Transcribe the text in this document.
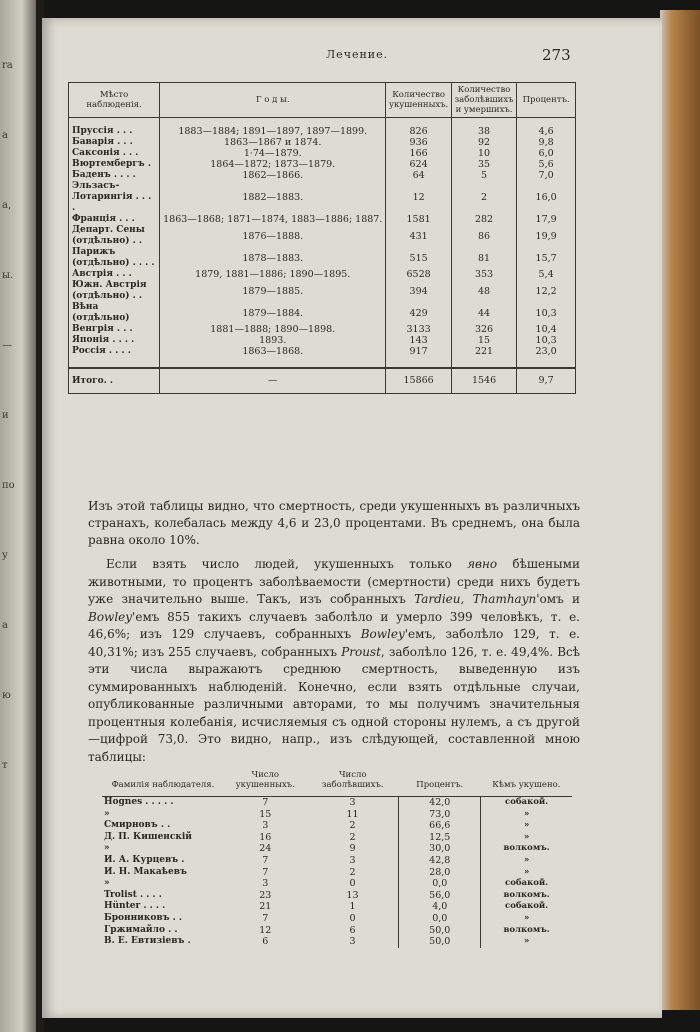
ra
a
а,
ы.
—
и
по
у
а
ю
т
Лечение.	273
Мѣсто наблюденія.	Г о д ы.	Количество укушенныхъ.	Количество заболѣвшихъ и умершихъ.	Процентъ.
Пруссія . . .	1883—1884; 1891—1897, 1897—1899.	826	38	4,6
Баварія . . .	1863—1867 и 1874.	936	92	9,8
Саксонія . . .	1·74—1879.	166	10	6,0
Вюртембергъ .	1864—1872; 1873—1879.	624	35	5,6
Баденъ . . . .	1862—1866.	64	5	7,0
Эльзасъ-Лотарингія . . . .	1882—1883.	12	2	16,0
Франція . . .	1863—1868; 1871—1874, 1883—1886; 1887.	1581	282	17,9
Департ. Сены (отдѣльно) . .	1876—1888.	431	86	19,9
Парижъ (отдѣльно) . . . .	1878—1883.	515	81	15,7
Австрія . . .	1879, 1881—1886; 1890—1895.	6528	353	5,4
Южн. Австрія (отдѣльно) . .	1879—1885.	394	48	12,2
Вѣна (отдѣльно)	1879—1884.	429	44	10,3
Венгрія . . .	1881—1888; 1890—1898.	3133	326	10,4
Японія . . . .	1893.	143	15	10,3
Россія . . . .	1863—1868.	917	221	23,0
Итого. .	—	15866	1546	9,7
Изъ этой таблицы видно, что смертность, среди укушенныхъ въ различныхъ странахъ, колебалась между 4,6 и 23,0 процентами. Въ среднемъ, она была равна около 10%.
Если взять число людей, укушенныхъ только явно бѣшеными животными, то процентъ заболѣваемости (смертности) среди нихъ будетъ уже значительно выше. Такъ, изъ собранныхъ Tardieu, Thamhayn'омъ и Bowley'емъ 855 такихъ случаевъ заболѣло и умерло 399 человѣкъ, т. е. 46,6%; изъ 129 случаевъ, собранныхъ Bowley'емъ, заболѣло 129, т. е. 40,31%; изъ 255 случаевъ, собранныхъ Proust, заболѣло 126, т. е. 49,4%. Всѣ эти числа выражаютъ среднюю смертность, выведенную изъ суммированныхъ наблюденій. Конечно, если взять отдѣльные случаи, опубликованные различными авторами, то мы получимъ значительныя процентныя колебанія, исчисляемыя съ одной стороны нулемъ, а съ другой—цифрой 73,0. Это видно, напр., изъ слѣдующей, составленной мною таблицы:
Фамилія наблюдателя.	Число укушенныхъ.	Число заболѣвшихъ.	Процентъ.	Кѣмъ укушено.
Hognes . . . . .	7	3	42,0	собакой.
»	15	11	73,0	»
Смирновъ . .	3	2	66,6	»
Д. П. Кишенскій	16	2	12,5	»
»	24	9	30,0	волкомъ.
И. А. Курцевъ .	7	3	42,8	»
И. Н. Макаѣевъ	7	2	28,0	»
»	3	0	0,0	собакой.
Trolist . . . .	23	13	56,0	волкомъ.
Hünter . . . .	21	1	4,0	собакой.
Бронниковъ . .	7	0	0,0	»
Гржимайло . .	12	6	50,0	волкомъ.
В. Е. Евтизіевъ .	6	3	50,0	»
